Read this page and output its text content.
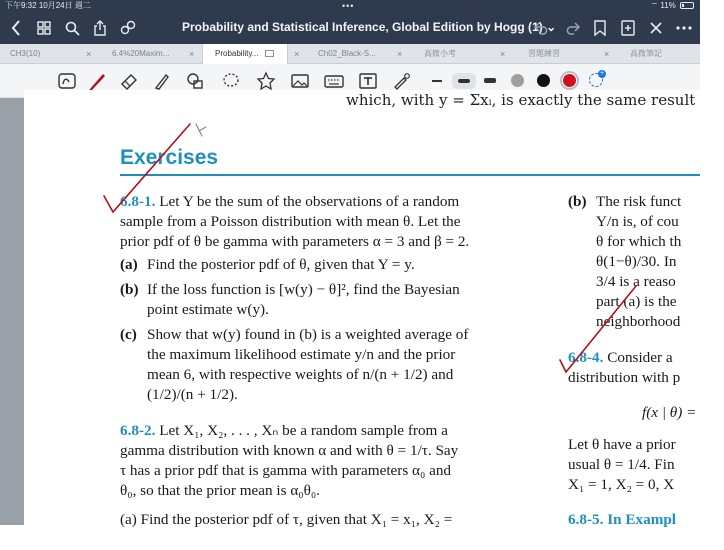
下午9:32 10月24日 週二	•••	⌔ 11%
Probability and Statistical Inference, Global Edition by Hogg (1) ⌄
CH3(10)	×	6.4%20Maxim... ×	Probability...	× Ch02_Black-S... ×	高微小考	×	習題練習	×	高微筆記
+
which, with y = Σxᵢ, is exactly the same result
Exercises
6.8-1. Let Y be the sum of the observations of a random
sample from a Poisson distribution with mean θ. Let the
prior pdf of θ be gamma with parameters α = 3 and β = 2.
(a) Find the posterior pdf of θ, given that Y = y.
(b) If the loss function is [w(y) − θ]², find the Bayesian
point estimate w(y).
(c) Show that w(y) found in (b) is a weighted average of
the maximum likelihood estimate y/n and the prior
mean 6, with respective weights of n/(n + 1/2) and
(1/2)/(n + 1/2).
6.8-2. Let X₁, X₂, . . . , Xₙ be a random sample from a
gamma distribution with known α and with θ = 1/τ. Say
τ has a prior pdf that is gamma with parameters α₀ and
θ₀, so that the prior mean is α₀θ₀.
(a) Find the posterior pdf of τ, given that X₁ = x₁, X₂ =
(b) The risk funct
Y/n is, of cou
θ for which th
θ(1−θ)/30. In
3/4 is a reaso
part (a) is the
neighborhood
6.8-4. Consider a
distribution with p
f(x | θ) =
Let θ have a prior
usual θ = 1/4. Fin
X₁ = 1, X₂ = 0, X
6.8-5. In Exampl
